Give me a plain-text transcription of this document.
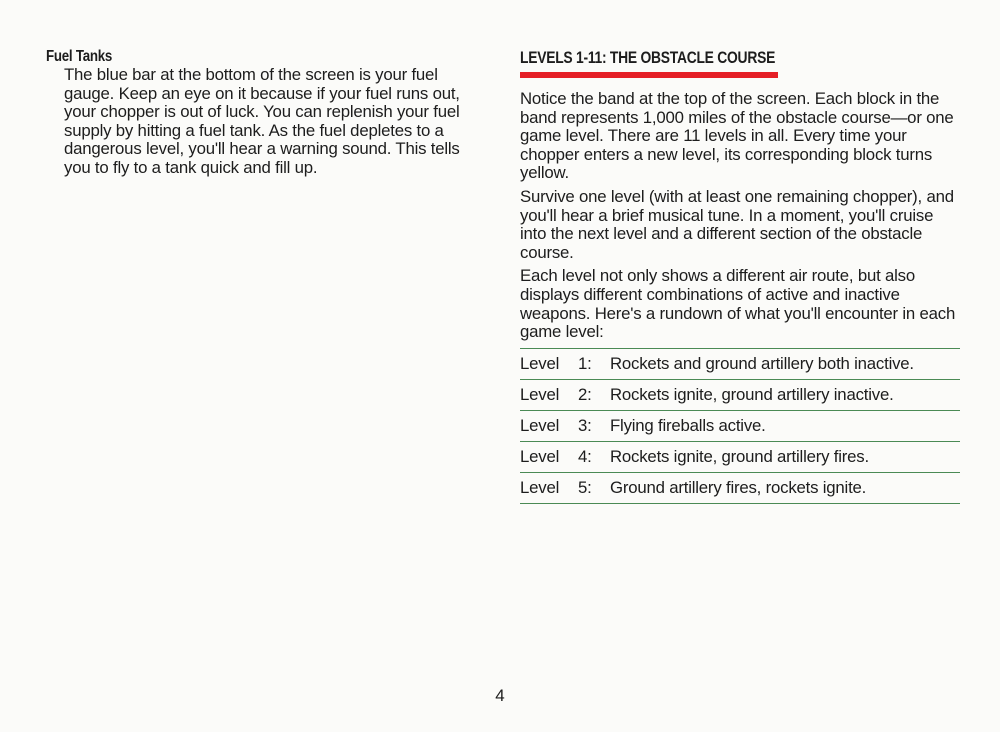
Fuel Tanks

The blue bar at the bottom of the screen is your fuel gauge. Keep an eye on it because if your fuel runs out, your chopper is out of luck. You can replenish your fuel supply by hitting a fuel tank. As the fuel depletes to a dangerous level, you'll hear a warning sound. This tells you to fly to a tank quick and fill up.

LEVELS 1-11: THE OBSTACLE COURSE

Notice the band at the top of the screen. Each block in the band represents 1,000 miles of the obstacle course—or one game level. There are 11 levels in all. Every time your chopper enters a new level, its corresponding block turns yellow.

Survive one level (with at least one remaining chopper), and you'll hear a brief musical tune. In a moment, you'll cruise into the next level and a different section of the obstacle course.

Each level not only shows a different air route, but also displays different combinations of active and inactive weapons. Here's a rundown of what you'll encounter in each game level:

Level	1:	Rockets and ground artillery both inactive.
Level	2:	Rockets ignite, ground artillery inactive.
Level	3:	Flying fireballs active.
Level	4:	Rockets ignite, ground artillery fires.
Level	5:	Ground artillery fires, rockets ignite.
4
